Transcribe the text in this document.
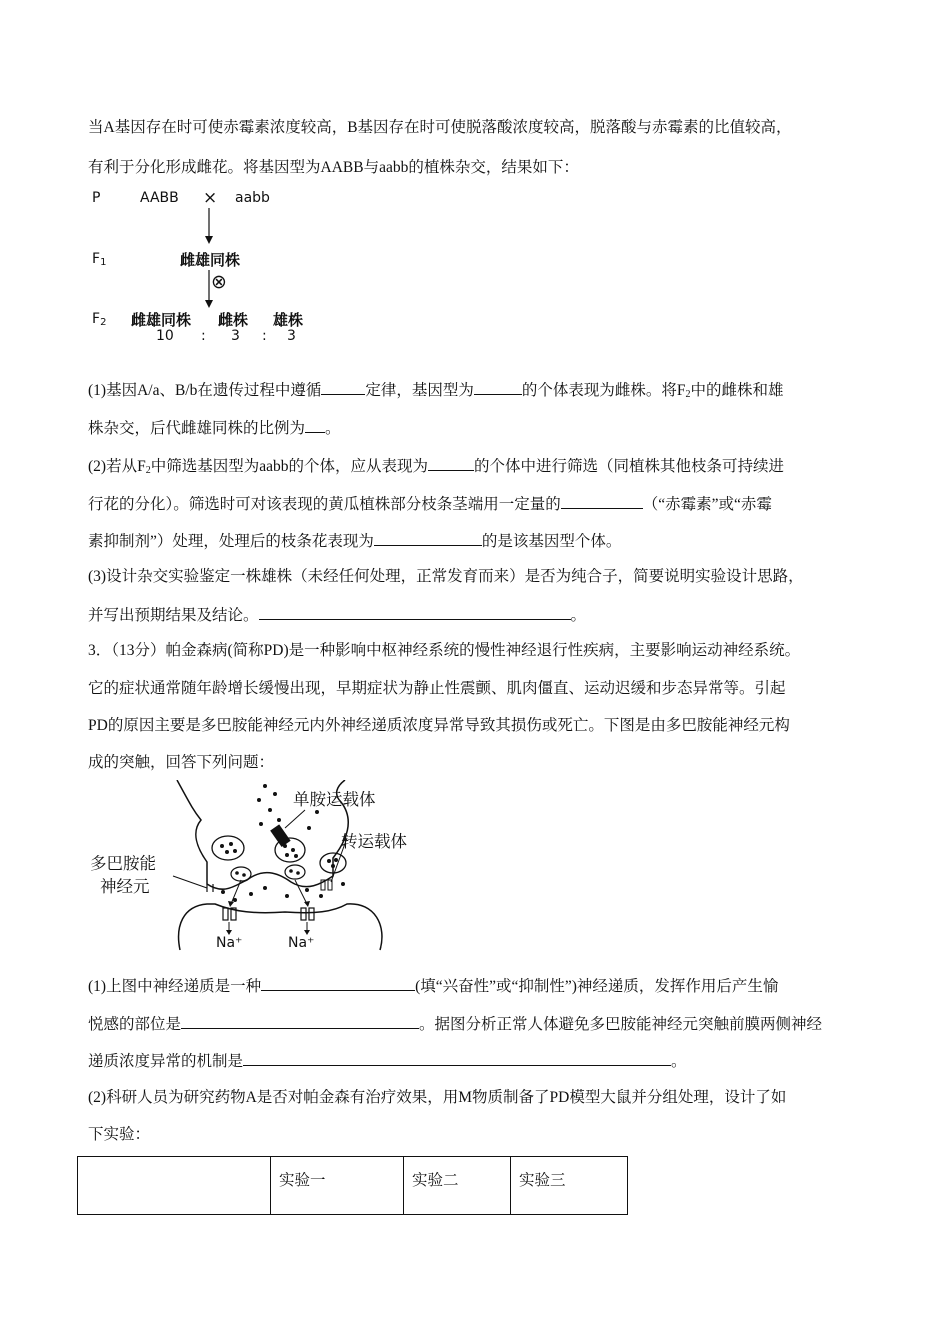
当A基因存在时可使赤霉素浓度较高，B基因存在时可使脱落酸浓度较高，脱落酸与赤霉素的比值较高，
有利于分化形成雌花。将基因型为AABB与aabb的植株杂交，结果如下：
P	AABB × aabb
$F_1$	雌雄同株
⊗
$F_2$ 雌雄同株 雌株 雄株
10 : 3 : 3
(1)基因A/a、B/b在遗传过程中遵循	定律，基因型为	的个体表现为雌株。将$F_2$中的雌株和雄
株杂交，后代雌雄同株的比例为 。
(2)若从$F_2$中筛选基因型为aabb的个体，应从表现为	的个体中进行筛选（同植株其他枝条可持续进
行花的分化）。筛选时可对该表现的黄瓜植株部分枝条茎端用一定量的	（“赤霉素”或“赤霉
素抑制剂”）处理，处理后的枝条花表现为	的是该基因型个体。
(3)设计杂交实验鉴定一株雄株（未经任何处理，正常发育而来）是否为纯合子，简要说明实验设计思路，
并写出预期结果及结论。	。
3．（13分）帕金森病(简称PD)是一种影响中枢神经系统的慢性神经退行性疾病，主要影响运动神经系统。
它的症状通常随年龄增长缓慢出现，早期症状为静止性震颤、肌肉僵直、运动迟缓和步态异常等。引起
PD的原因主要是多巴胺能神经元内外神经递质浓度异常导致其损伤或死亡。下图是由多巴胺能神经元构
成的突触，回答下列问题：
单胺运载体
转运载体
多巴胺能
神经元
Na⁺	Na⁺
(1)上图中神经递质是一种	(填“兴奋性”或“抑制性”)神经递质，发挥作用后产生愉
悦感的部位是	。据图分析正常人体避免多巴胺能神经元突触前膜两侧神经
递质浓度异常的机制是	。
(2)科研人员为研究药物A是否对帕金森有治疗效果，用M物质制备了PD模型大鼠并分组处理，设计了如
下实验：
	实验一	实验二	实验三
